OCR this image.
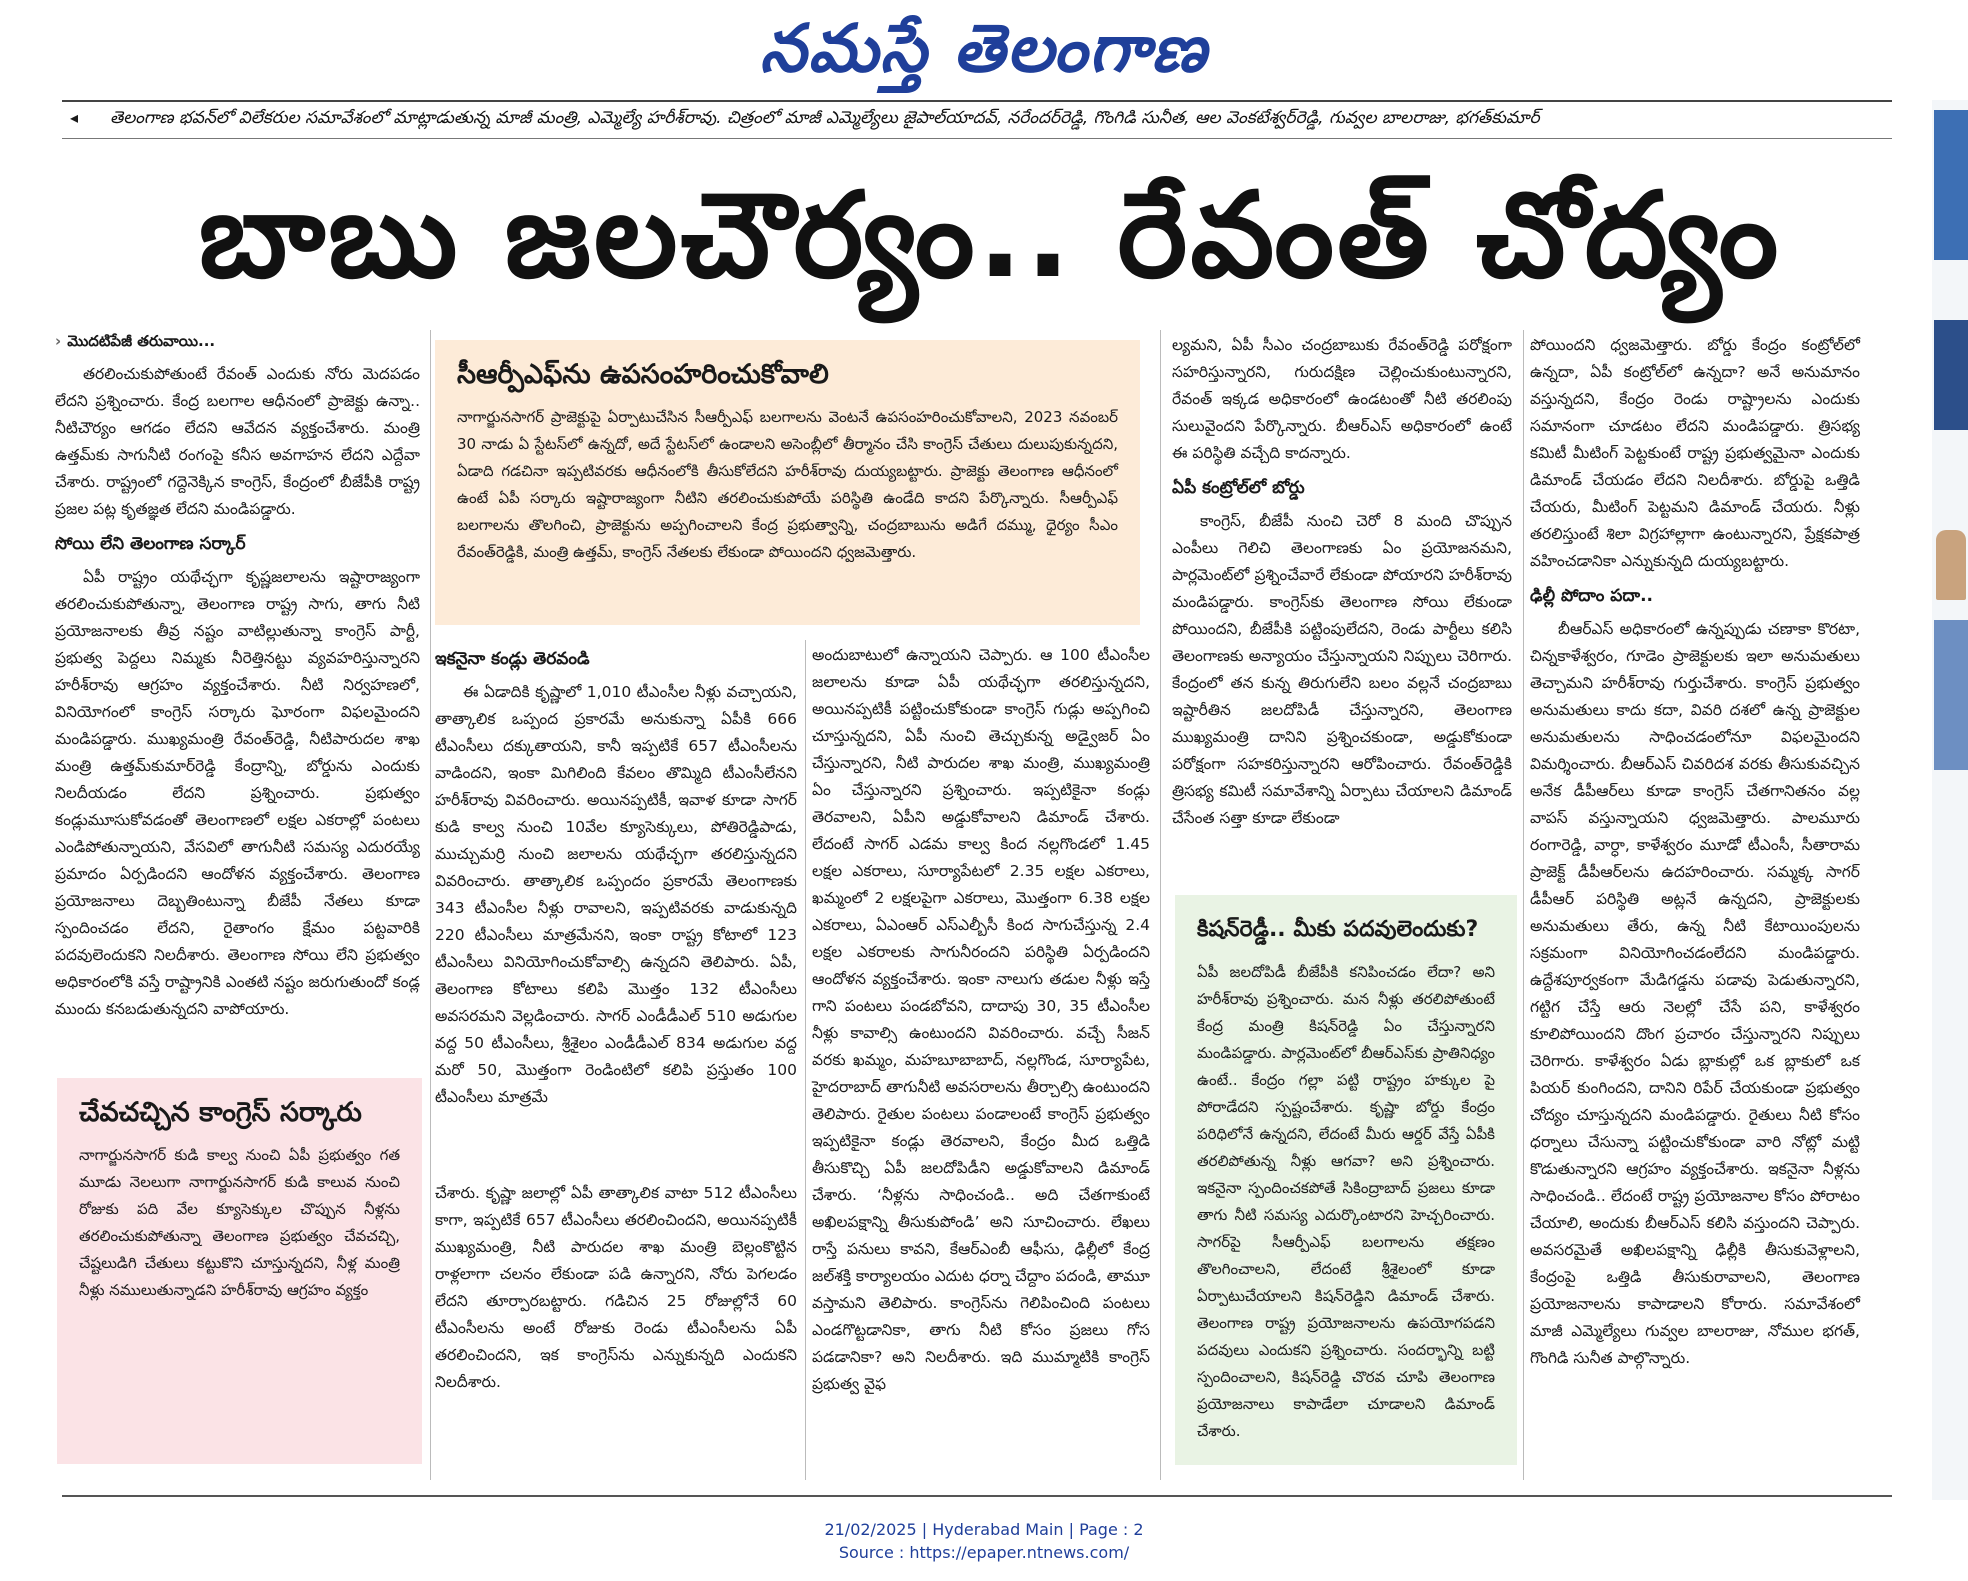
నమస్తే తెలంగాణ
◂ తెలంగాణ భవన్‌లో విలేకరుల సమావేశంలో మాట్లాడుతున్న మాజీ మంత్రి, ఎమ్మెల్యే హరీశ్‌రావు. చిత్రంలో మాజీ ఎమ్మెల్యేలు జైపాల్‌యాదవ్, నరేందర్‌రెడ్డి, గొంగిడి సునీత, ఆల వెంకటేశ్వర్‌రెడ్డి, గువ్వల బాలరాజు, భగత్‌కుమార్
బాబు జలచౌర్యం.. రేవంత్ చోద్యం
› మొదటిపేజీ తరువాయి...

తరలించుకుపోతుంటే రేవంత్ ఎందుకు నోరు మెదపడం లేదని ప్రశ్నించారు. కేంద్ర బలగాల ఆధీనంలో ప్రాజెక్టు ఉన్నా.. నీటిచౌర్యం ఆగడం లేదని ఆవేదన వ్యక్తంచేశారు. మంత్రి ఉత్తమ్‌కు సాగునీటి రంగంపై కనీస అవగాహన లేదని ఎద్దేవా చేశారు. రాష్ట్రంలో గద్దెనెక్కిన కాంగ్రెస్, కేంద్రంలో బీజేపీకి రాష్ట్ర ప్రజల పట్ల కృతజ్ఞత లేదని మండిపడ్డారు.

సోయి లేని తెలంగాణ సర్కార్

ఏపీ రాష్ట్రం యథేచ్ఛగా కృష్ణజలాలను ఇష్టారాజ్యంగా తరలించుకుపోతున్నా, తెలంగాణ రాష్ట్ర సాగు, తాగు నీటి ప్రయోజనాలకు తీవ్ర నష్టం వాటిల్లుతున్నా కాంగ్రెస్ పార్టీ, ప్రభుత్వ పెద్దలు నిమ్మకు నీరెత్తినట్టు వ్యవహరిస్తున్నారని హరీశ్‌రావు ఆగ్రహం వ్యక్తంచేశారు. నీటి నిర్వహణలో, వినియోగంలో కాంగ్రెస్ సర్కారు ఘోరంగా విఫలమైందని మండిపడ్డారు. ముఖ్యమంత్రి రేవంత్‌రెడ్డి, నీటిపారుదల శాఖ మంత్రి ఉత్తమ్‌కుమార్‌రెడ్డి కేంద్రాన్ని, బోర్డును ఎందుకు నిలదీయడం లేదని ప్రశ్నించారు. ప్రభుత్వం కండ్లుమూసుకోవడంతో తెలంగాణలో లక్షల ఎకరాల్లో పంటలు ఎండిపోతున్నాయని, వేసవిలో తాగునీటి సమస్య ఎదురయ్యే ప్రమాదం ఏర్పడిందని ఆందోళన వ్యక్తంచేశారు. తెలంగాణ ప్రయోజనాలు దెబ్బతింటున్నా బీజేపీ నేతలు కూడా స్పందించడం లేదని, రైతాంగం క్షేమం పట్టవారికి పదవులెందుకని నిలదీశారు. తెలంగాణ సోయి లేని ప్రభుత్వం అధికారంలోకి వస్తే రాష్ట్రానికి ఎంతటి నష్టం జరుగుతుందో కండ్ల ముందు కనబడుతున్నదని వాపోయారు.

సీఆర్పీఎఫ్‌ను ఉపసంహరించుకోవాలి

నాగార్జునసాగర్ ప్రాజెక్టుపై ఏర్పాటుచేసిన సీఆర్పీఎఫ్ బలగాలను వెంటనే ఉపసంహరించుకోవాలని, 2023 నవంబర్ 30 నాడు ఏ స్టేటస్‌లో ఉన్నదో, అదే స్టేటస్‌లో ఉండాలని అసెంబ్లీలో తీర్మానం చేసి కాంగ్రెస్ చేతులు దులుపుకున్నదని, ఏడాది గడచినా ఇప్పటివరకు ఆధీనంలోకి తీసుకోలేదని హరీశ్‌రావు దుయ్యబట్టారు. ప్రాజెక్టు తెలంగాణ ఆధీనంలో ఉంటే ఏపీ సర్కారు ఇష్టారాజ్యంగా నీటిని తరలించుకుపోయే పరిస్థితి ఉండేది కాదని పేర్కొన్నారు. సీఆర్పీఎఫ్ బలగాలను తొలగించి, ప్రాజెక్టును అప్పగించాలని కేంద్ర ప్రభుత్వాన్ని, చంద్రబాబును అడిగే దమ్ము, ధైర్యం సీఎం రేవంత్‌రెడ్డికి, మంత్రి ఉత్తమ్, కాంగ్రెస్ నేతలకు లేకుండా పోయిందని ధ్వజమెత్తారు.

ఇకనైనా కండ్లు తెరవండి

ఈ ఏడాదికి కృష్ణాలో 1,010 టీఎంసీల నీళ్లు వచ్చాయని, తాత్కాలిక ఒప్పంద ప్రకారమే అనుకున్నా ఏపీకి 666 టీఎంసీలు దక్కుతాయని, కానీ ఇప్పటికే 657 టీఎంసీలను వాడిందని, ఇంకా మిగిలింది కేవలం తొమ్మిది టీఎంసీలేనని హరీశ్‌రావు వివరించారు. అయినప్పటికీ, ఇవాళ కూడా సాగర్ కుడి కాల్వ నుంచి 10వేల క్యూసెక్కులు, పోతిరెడ్డిపాడు, ముచ్చుమర్రి నుంచి జలాలను యథేచ్ఛగా తరలిస్తున్నదని వివరించారు. తాత్కాలిక ఒప్పందం ప్రకారమే తెలంగాణకు 343 టీఎంసీల నీళ్లు రావాలని, ఇప్పటివరకు వాడుకున్నది 220 టీఎంసీలు మాత్రమేనని, ఇంకా రాష్ట్ర కోటాలో 123 టీఎంసీలు వినియోగించుకోవాల్సి ఉన్నదని తెలిపారు. ఏపీ, తెలంగాణ కోటాలు కలిపి మొత్తం 132 టీఎంసీలు అవసరమని వెల్లడించారు. సాగర్ ఎండీడీఎల్ 510 అడుగుల వద్ద 50 టీఎంసీలు, శ్రీశైలం ఎండీడీఎల్ 834 అడుగుల వద్ద మరో 50, మొత్తంగా రెండింటిలో కలిపి ప్రస్తుతం 100 టీఎంసీలు మాత్రమే

చేశారు. కృష్ణా జలాల్లో ఏపీ తాత్కాలిక వాటా 512 టీఎంసీలు కాగా, ఇప్పటికే 657 టీఎంసీలు తరలించిందని, అయినప్పటికీ ముఖ్యమంత్రి, నీటి పారుదల శాఖ మంత్రి బెల్లంకొట్టిన రాళ్లలాగా చలనం లేకుండా పడి ఉన్నారని, నోరు పెగలడం లేదని తూర్పారబట్టారు. గడిచిన 25 రోజుల్లోనే 60 టీఎంసీలను అంటే రోజుకు రెండు టీఎంసీలను ఏపీ తరలించిందని, ఇక కాంగ్రెస్‌ను ఎన్నుకున్నది ఎందుకని నిలదీశారు.

అందుబాటులో ఉన్నాయని చెప్పారు. ఆ 100 టీఎంసీల జలాలను కూడా ఏపీ యథేచ్ఛగా తరలిస్తున్నదని, అయినప్పటికీ పట్టించుకోకుండా కాంగ్రెస్ గుడ్లు అప్పగించి చూస్తున్నదని, ఏపీ నుంచి తెచ్చుకున్న అడ్వైజర్ ఏం చేస్తున్నారని, నీటి పారుదల శాఖ మంత్రి, ముఖ్యమంత్రి ఏం చేస్తున్నారని ప్రశ్నించారు. ఇప్పటికైనా కండ్లు తెరవాలని, ఏపీని అడ్డుకోవాలని డిమాండ్ చేశారు. లేదంటే సాగర్ ఎడమ కాల్వ కింద నల్లగొండలో 1.45 లక్షల ఎకరాలు, సూర్యాపేటలో 2.35 లక్షల ఎకరాలు, ఖమ్మంలో 2 లక్షలపైగా ఎకరాలు, మొత్తంగా 6.38 లక్షల ఎకరాలు, ఏఎంఆర్ ఎస్ఎల్బీసీ కింద సాగుచేస్తున్న 2.4 లక్షల ఎకరాలకు సాగునీరందని పరిస్థితి ఏర్పడిందని ఆందోళన వ్యక్తంచేశారు. ఇంకా నాలుగు తడుల నీళ్లు ఇస్తే గాని పంటలు పండబోవని, దాదాపు 30, 35 టీఎంసీల నీళ్లు కావాల్సి ఉంటుందని వివరించారు. వచ్చే సీజన్ వరకు ఖమ్మం, మహబూబాబాద్, నల్లగొండ, సూర్యాపేట, హైదరాబాద్ తాగునీటి అవసరాలను తీర్చాల్సి ఉంటుందని తెలిపారు. రైతుల పంటలు పండాలంటే కాంగ్రెస్ ప్రభుత్వం ఇప్పటికైనా కండ్లు తెరవాలని, కేంద్రం మీద ఒత్తిడి తీసుకొచ్చి ఏపీ జలదోపిడీని అడ్డుకోవాలని డిమాండ్ చేశారు. ‘నీళ్లను సాధించండి.. అది చేతగాకుంటే అఖిలపక్షాన్ని తీసుకుపోండి’ అని సూచించారు. లేఖలు రాస్తే పనులు కావని, కేఆర్ఎంబీ ఆఫీసు, ఢిల్లీలో కేంద్ర జల్‌శక్తి కార్యాలయం ఎదుట ధర్నా చేద్దాం పదండి, తామూ వస్తామని తెలిపారు. కాంగ్రెస్‌ను గెలిపించింది పంటలు ఎండగొట్టడానికా, తాగు నీటి కోసం ప్రజలు గోస పడడానికా? అని నిలదీశారు. ఇది ముమ్మాటికి కాంగ్రెస్ ప్రభుత్వ వైఫ

ల్యమని, ఏపీ సీఎం చంద్రబాబుకు రేవంత్‌రెడ్డి పరోక్షంగా సహరిస్తున్నారని, గురుదక్షిణ చెల్లించుకుంటున్నారని, రేవంత్ ఇక్కడ అధికారంలో ఉండటంతో నీటి తరలింపు సులువైందని పేర్కొన్నారు. బీఆర్ఎస్ అధికారంలో ఉంటే ఈ పరిస్థితి వచ్చేది కాదన్నారు.

ఏపీ కంట్రోల్‌లో బోర్డు

కాంగ్రెస్, బీజేపీ నుంచి చెరో 8 మంది చొప్పున ఎంపీలు గెలిచి తెలంగాణకు ఏం ప్రయోజనమని, పార్లమెంట్‌లో ప్రశ్నించేవారే లేకుండా పోయారని హరీశ్‌రావు మండిపడ్డారు. కాంగ్రెస్‌కు తెలంగాణ సోయి లేకుండా పోయిందని, బీజేపీకి పట్టింపులేదని, రెండు పార్టీలు కలిసి తెలంగాణకు అన్యాయం చేస్తున్నాయని నిప్పులు చెరిగారు. కేంద్రంలో తన కున్న తిరుగులేని బలం వల్లనే చంద్రబాబు ఇష్టారీతిన జలదోపిడీ చేస్తున్నారని, తెలంగాణ ముఖ్యమంత్రి దానిని ప్రశ్నించకుండా, అడ్డుకోకుండా పరోక్షంగా సహకరిస్తున్నారని ఆరోపించారు. రేవంత్‌రెడ్డికి త్రిసభ్య కమిటీ సమావేశాన్ని ఏర్పాటు చేయాలని డిమాండ్ చేసేంత సత్తా కూడా లేకుండా

కిషన్‌రెడ్డీ.. మీకు పదవులెందుకు?

ఏపీ జలదోపిడీ బీజేపీకి కనిపించడం లేదా? అని హరీశ్‌రావు ప్రశ్నించారు. మన నీళ్లు తరలిపోతుంటే కేంద్ర మంత్రి కిషన్‌రెడ్డి ఏం చేస్తున్నారని మండిపడ్డారు. పార్లమెంట్‌లో బీఆర్ఎస్‌కు ప్రాతినిధ్యం ఉంటే.. కేంద్రం గల్లా పట్టి రాష్ట్రం హక్కుల పై పోరాడేదని స్పష్టంచేశారు. కృష్ణా బోర్డు కేంద్రం పరిధిలోనే ఉన్నదని, లేదంటే మీరు ఆర్డర్ వేస్తే ఏపీకి తరలిపోతున్న నీళ్లు ఆగవా? అని ప్రశ్నించారు. ఇకనైనా స్పందించకపోతే సికింద్రాబాద్ ప్రజలు కూడా తాగు నీటి సమస్య ఎదుర్కొంటారని హెచ్చరించారు. సాగర్‌పై సీఆర్పీఎఫ్ బలగాలను తక్షణం తొలగించాలని, లేదంటే శ్రీశైలంలో కూడా ఏర్పాటుచేయాలని కిషన్‌రెడ్డిని డిమాండ్ చేశారు. తెలంగాణ రాష్ట్ర ప్రయోజనాలను ఉపయోగపడని పదవులు ఎందుకని ప్రశ్నించారు. సందర్భాన్ని బట్టి స్పందించాలని, కిషన్‌రెడ్డి చొరవ చూపి తెలంగాణ ప్రయోజనాలు కాపాడేలా చూడాలని డిమాండ్ చేశారు.

పోయిందని ధ్వజమెత్తారు. బోర్డు కేంద్రం కంట్రోల్‌లో ఉన్నదా, ఏపీ కంట్రోల్‌లో ఉన్నదా? అనే అనుమానం వస్తున్నదని, కేంద్రం రెండు రాష్ట్రాలను ఎందుకు సమానంగా చూడటం లేదని మండిపడ్డారు. త్రిసభ్య కమిటీ మీటింగ్ పెట్టకుంటే రాష్ట్ర ప్రభుత్వమైనా ఎందుకు డిమాండ్ చేయడం లేదని నిలదీశారు. బోర్డుపై ఒత్తిడి చేయరు, మీటింగ్ పెట్టమని డిమాండ్ చేయరు. నీళ్లు తరలిస్తుంటే శిలా విగ్రహాల్లాగా ఉంటున్నారని, ప్రేక్షకపాత్ర వహించడానికా ఎన్నుకున్నది దుయ్యబట్టారు.

ఢిల్లీ పోదాం పదా..

బీఆర్ఎస్ అధికారంలో ఉన్నప్పుడు చణాకా కొరటా, చిన్నకాళేశ్వరం, గూడెం ప్రాజెక్టులకు ఇలా అనుమతులు తెచ్చామని హరీశ్‌రావు గుర్తుచేశారు. కాంగ్రెస్ ప్రభుత్వం అనుమతులు కాదు కదా, వివరి దశలో ఉన్న ప్రాజెక్టుల అనుమతులను సాధించడంలోనూ విఫలమైందని విమర్శించారు. బీఆర్ఎస్ చివరిదశ వరకు తీసుకువచ్చిన అనేక డీపీఆర్‌లు కూడా కాంగ్రెస్ చేతగానితనం వల్ల వాపస్ వస్తున్నాయని ధ్వజమెత్తారు. పాలమూరు రంగారెడ్డి, వార్ధా, కాళేశ్వరం మూడో టీఎంసీ, సీతారామ ప్రాజెక్ట్ డీపీఆర్‌లను ఉదహరించారు. సమ్మక్క సాగర్ డీపీఆర్ పరిస్థితి అట్లనే ఉన్నదని, ప్రాజెక్టులకు అనుమతులు తేరు, ఉన్న నీటి కేటాయింపులను సక్రమంగా వినియోగించడంలేదని మండిపడ్డారు. ఉద్దేశపూర్వకంగా మేడిగడ్డను పడావు పెడుతున్నారని, గట్టిగ చేస్తే ఆరు నెలల్లో చేసే పని, కాళేశ్వరం కూలిపోయిందని దొంగ ప్రచారం చేస్తున్నారని నిప్పులు చెరిగారు. కాళేశ్వరం ఏడు బ్లాకుల్లో ఒక బ్లాకులో ఒక పియర్ కుంగిందని, దానిని రిపేర్ చేయకుండా ప్రభుత్వం చోద్యం చూస్తున్నదని మండిపడ్డారు. రైతులు నీటి కోసం ధర్నాలు చేసున్నా పట్టించుకోకుండా వారి నోట్లో మట్టి కొడుతున్నారని ఆగ్రహం వ్యక్తంచేశారు. ఇకనైనా నీళ్లను సాధించండి.. లేదంటే రాష్ట్ర ప్రయోజనాల కోసం పోరాటం చేయాలి, అందుకు బీఆర్ఎస్ కలిసి వస్తుందని చెప్పారు. అవసరమైతే అఖిలపక్షాన్ని ఢిల్లీకి తీసుకువెళ్లాలని, కేంద్రంపై ఒత్తిడి తీసుకురావాలని, తెలంగాణ ప్రయోజనాలను కాపాడాలని కోరారు. సమావేశంలో మాజీ ఎమ్మెల్యేలు గువ్వల బాలరాజు, నోముల భగత్, గొంగిడి సునీత పాల్గొన్నారు.

చేవచచ్చిన కాంగ్రెస్ సర్కారు

నాగార్జునసాగర్ కుడి కాల్వ నుంచి ఏపీ ప్రభుత్వం గత మూడు నెలలుగా నాగార్జునసాగర్ కుడి కాలువ నుంచి రోజుకు పది వేల క్యూసెక్కుల చొప్పున నీళ్లను తరలించుకుపోతున్నా తెలంగాణ ప్రభుత్వం చేవచచ్చి, చేష్టలుడిగి చేతులు కట్టుకొని చూస్తున్నదని, నీళ్ల మంత్రి నీళ్లు నములుతున్నాడని హరీశ్‌రావు ఆగ్రహం వ్యక్తం

21/02/2025 | Hyderabad Main | Page : 2
Source : https://epaper.ntnews.com/
